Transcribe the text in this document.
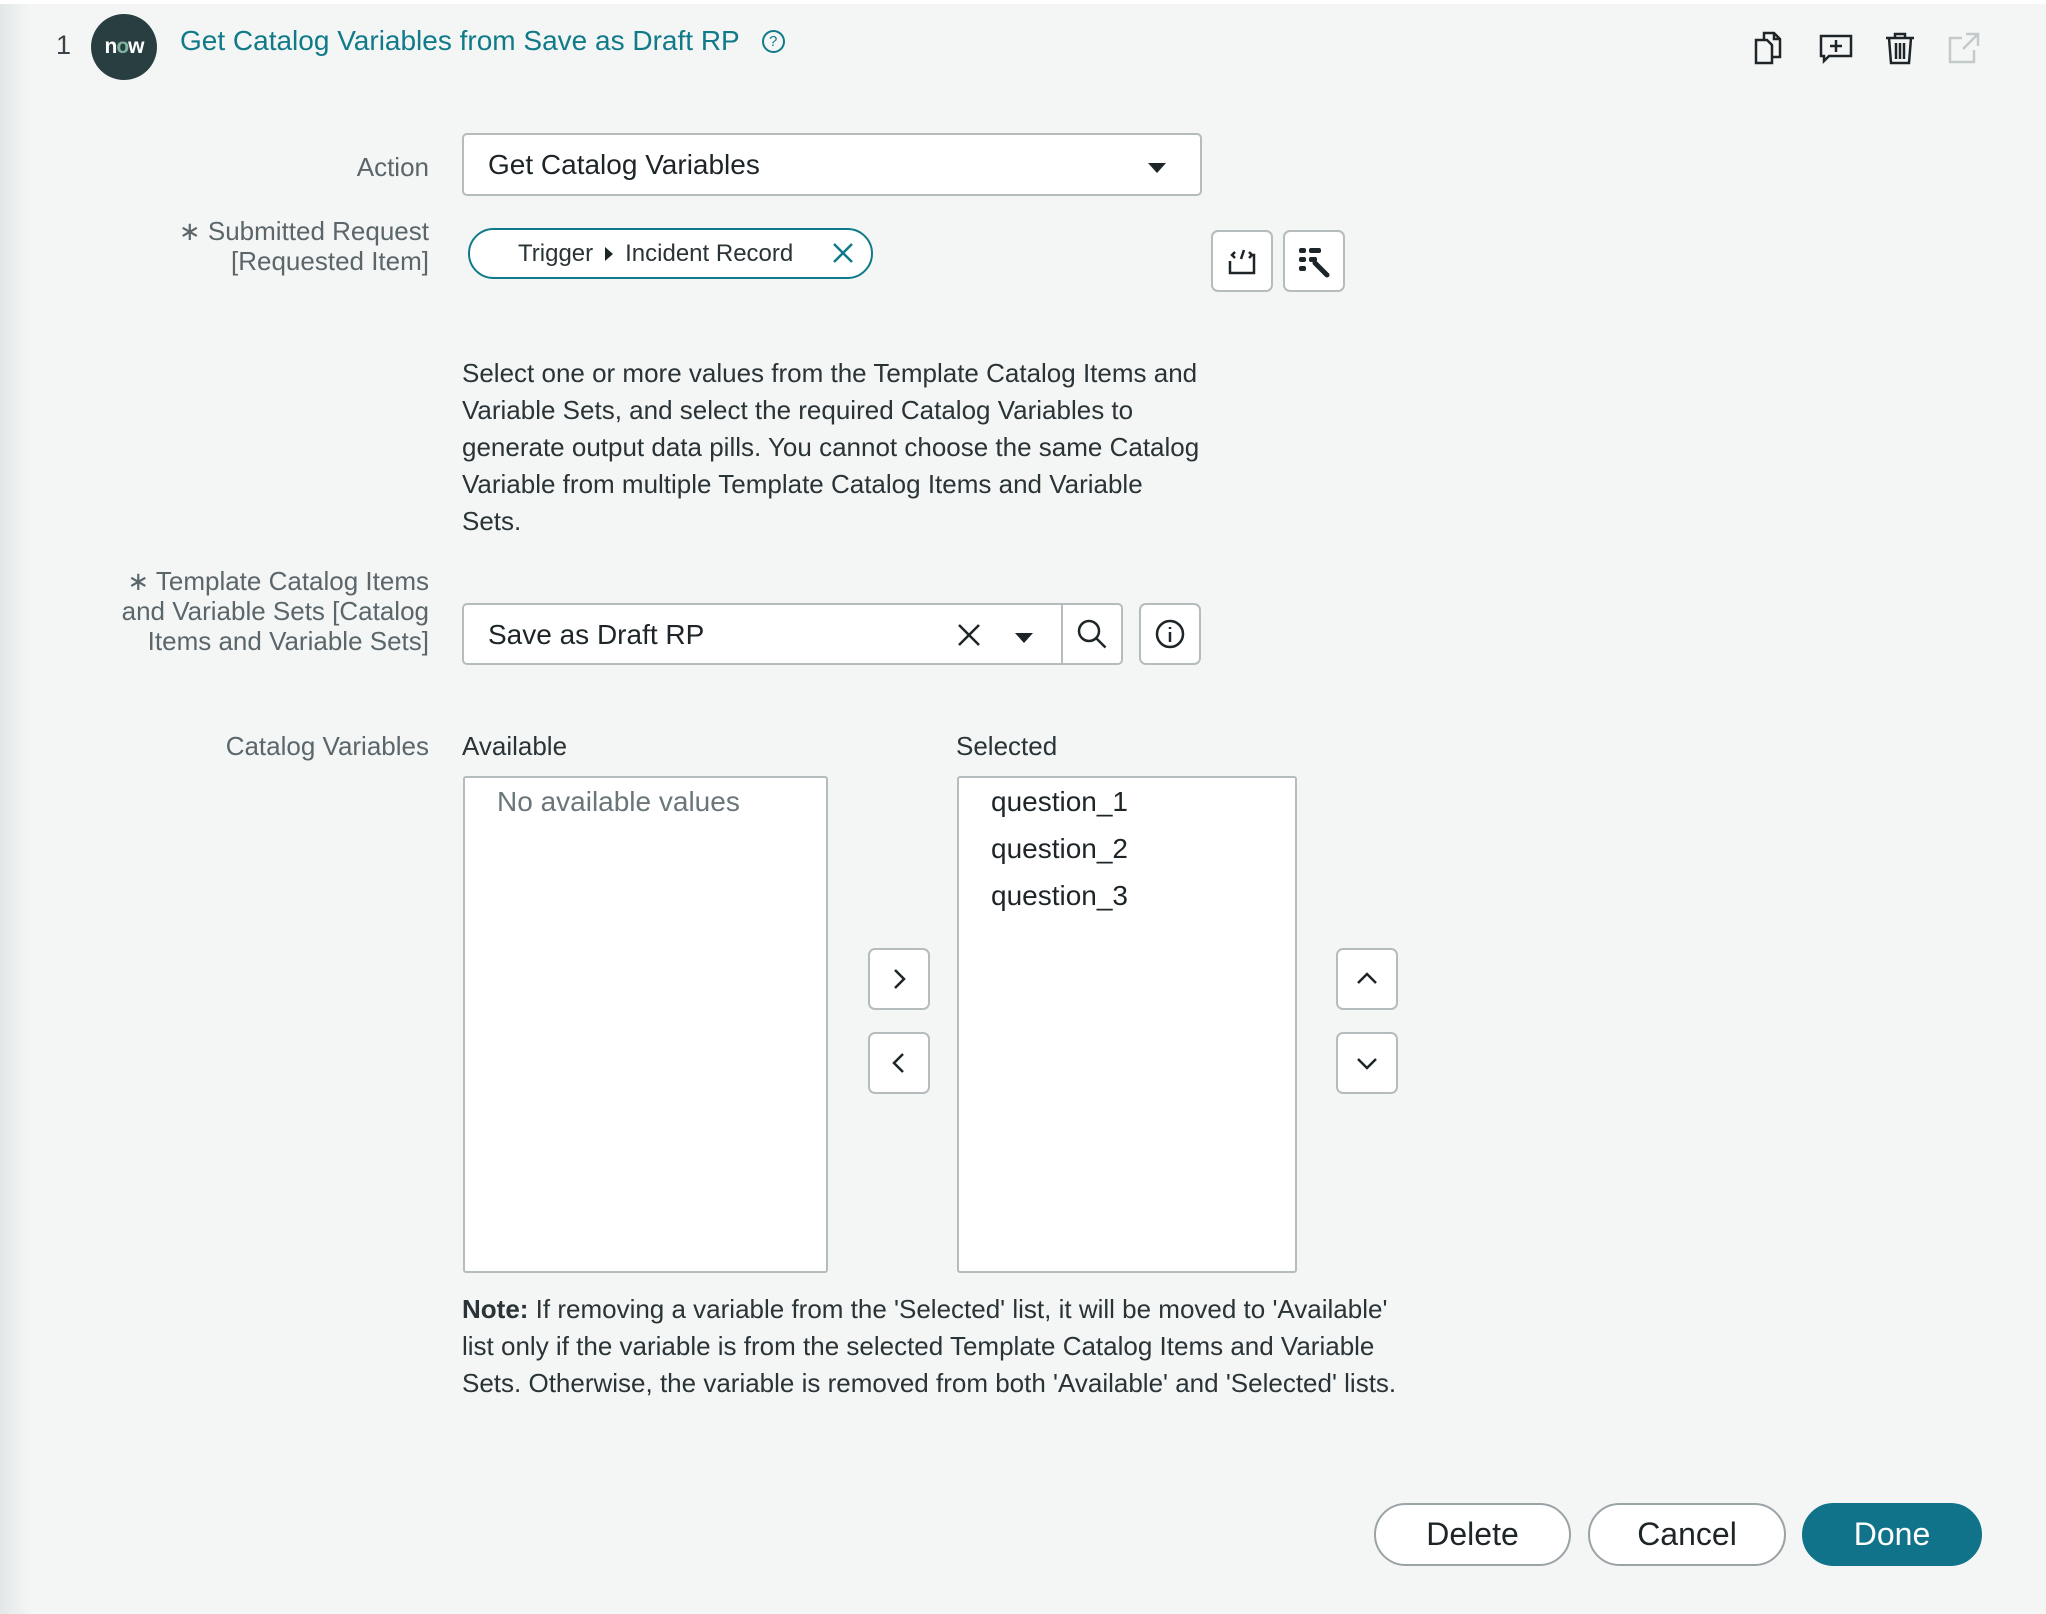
1 n o w Get Catalog Variables from Save as Draft RP	?
Action	Get Catalog Variables
∗ Submitted Request [Requested Item]	Trigger Incident Record
Select one or more values from the Template Catalog Items and Variable Sets, and select the required Catalog Variables to generate output data pills. You cannot choose the same Catalog Variable from multiple Template Catalog Items and Variable Sets.
∗ Template Catalog Items and Variable Sets [Catalog Items and Variable Sets]	Save as Draft RP
Catalog Variables Available	Selected
No available values	question_1
question_2
question_3
Note: If removing a variable from the 'Selected' list, it will be moved to 'Available' list only if the variable is from the selected Template Catalog Items and Variable Sets. Otherwise, the variable is removed from both 'Available' and 'Selected' lists.
Delete	Cancel	Done
